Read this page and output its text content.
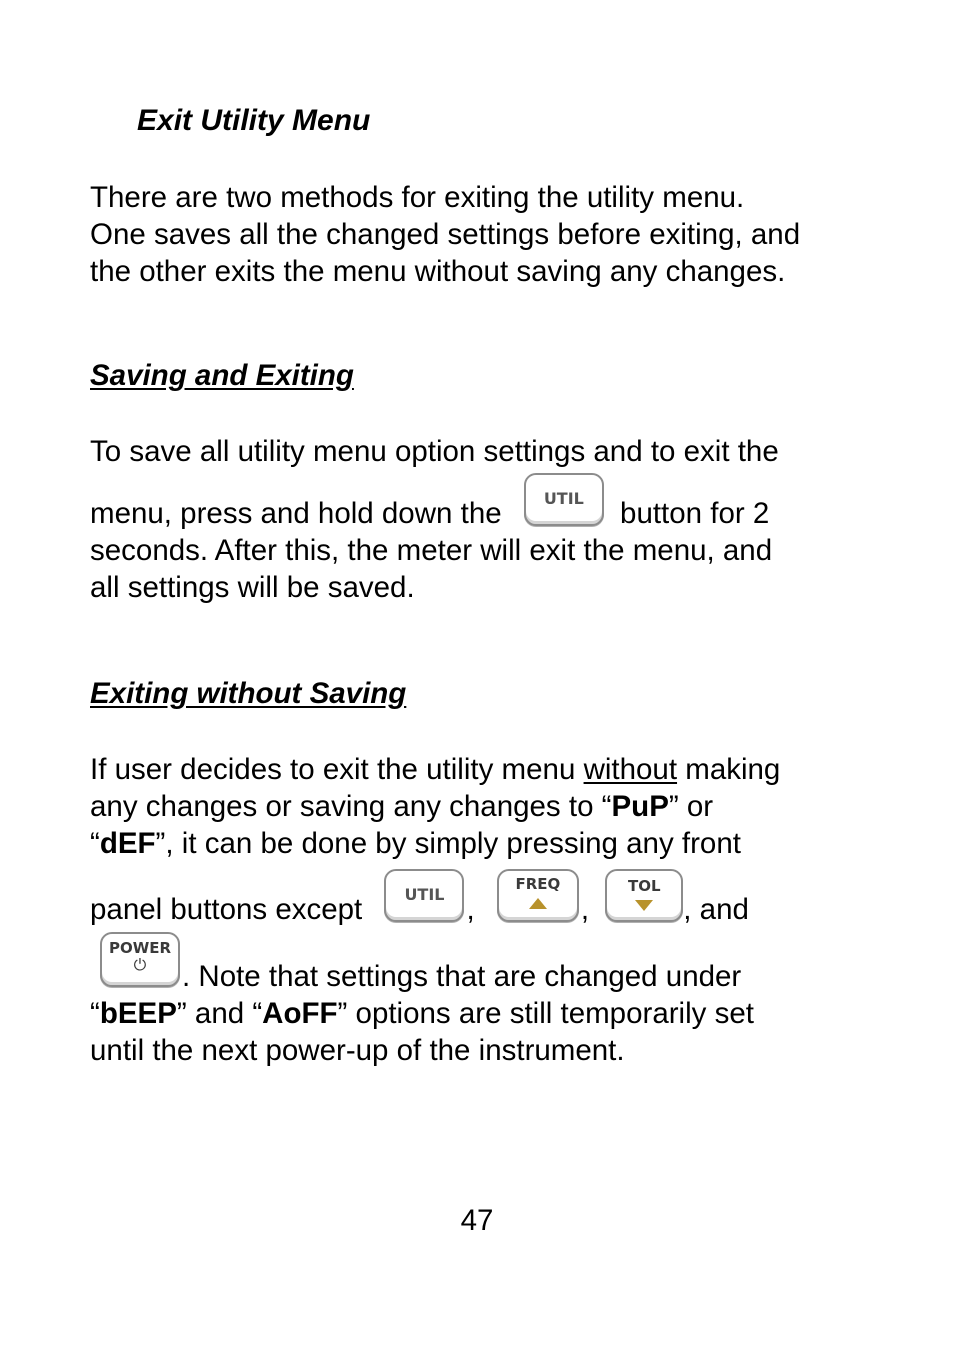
Exit Utility Menu

There are two methods for exiting the utility menu.
One saves all the changed settings before exiting, and
the other exits the menu without saving any changes.

Saving and Exiting
To save all utility menu option settings and to exit the
menu, press and hold down the	UTIL	button for 2
seconds. After this, the meter will exit the menu, and
all settings will be saved.
Exiting without Saving
If user decides to exit the utility menu without making
any changes or saving any changes to “PuP” or
“dEF”, it can be done by simply pressing any front
panel buttons except	UTIL ,
FREQ
,
TOL
, and
POWER
⏻	. Note that settings that are changed under
“bEEP” and “AoFF” options are still temporarily set
until the next power-up of the instrument.

47
